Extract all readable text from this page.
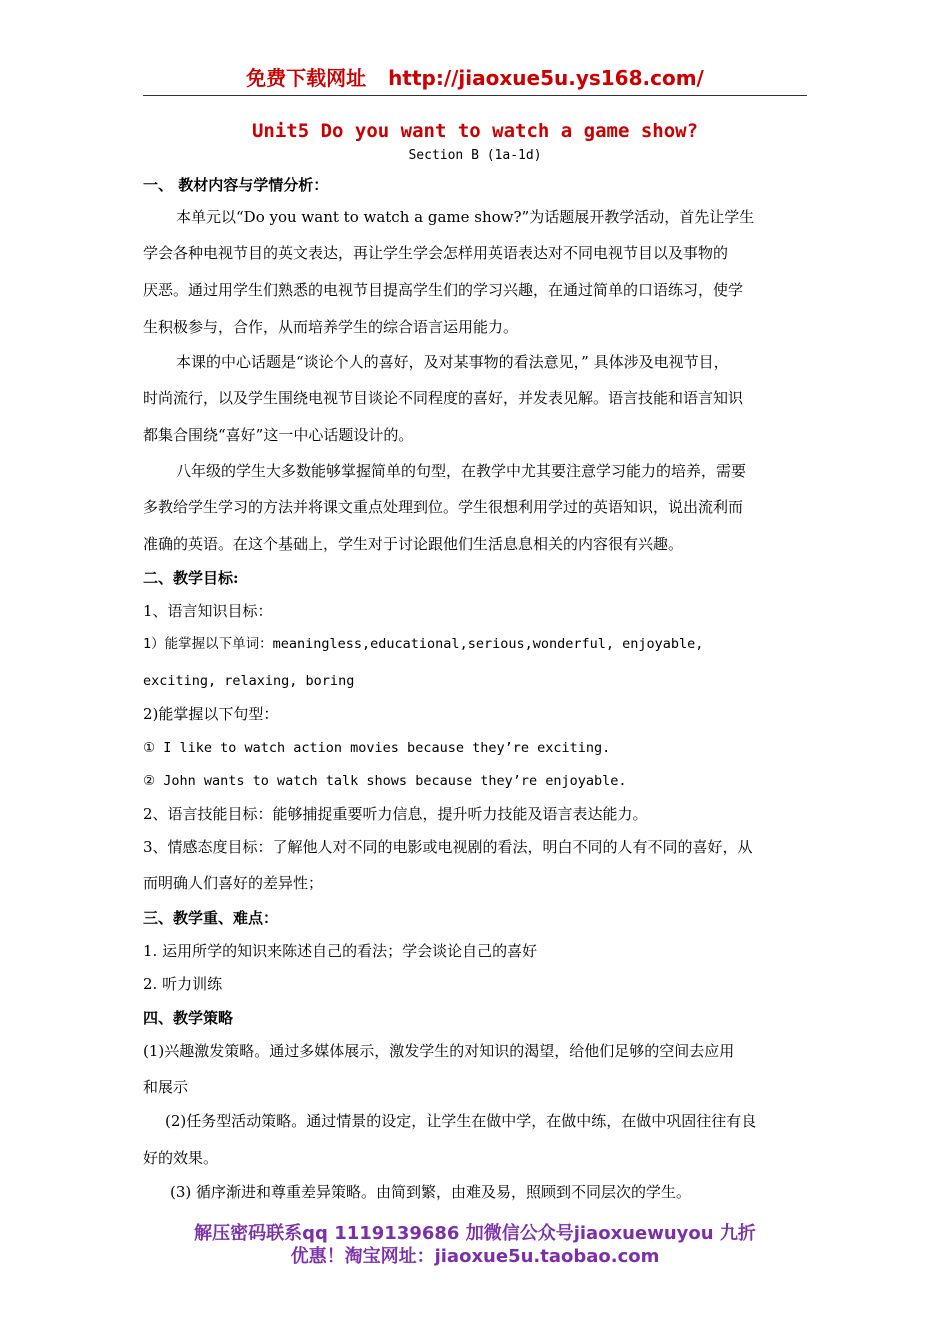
免费下载网址 http://jiaoxue5u.ys168.com/
Unit5 Do you want to watch a game show?
Section B (1a-1d)
一、 教材内容与学情分析：
本单元以“Do you want to watch a game show?”为话题展开教学活动，首先让学生
学会各种电视节目的英文表达，再让学生学会怎样用英语表达对不同电视节目以及事物的
厌恶。通过用学生们熟悉的电视节目提高学生们的学习兴趣，在通过简单的口语练习，使学
生积极参与，合作，从而培养学生的综合语言运用能力。
本课的中心话题是“谈论个人的喜好，及对某事物的看法意见，” 具体涉及电视节目，
时尚流行，以及学生围绕电视节目谈论不同程度的喜好，并发表见解。语言技能和语言知识
都集合围绕“喜好”这一中心话题设计的。
八年级的学生大多数能够掌握简单的句型，在教学中尤其要注意学习能力的培养，需要
多教给学生学习的方法并将课文重点处理到位。学生很想利用学过的英语知识，说出流利而
准确的英语。在这个基础上，学生对于讨论跟他们生活息息相关的内容很有兴趣。
二、教学目标:
1、语言知识目标：
1）能掌握以下单词：meaningless,educational,serious,wonderful, enjoyable,
exciting, relaxing, boring
2)能掌握以下句型：
① I like to watch action movies because they’re exciting.
② John wants to watch talk shows because they’re enjoyable.
2、语言技能目标：能够捕捉重要听力信息，提升听力技能及语言表达能力。
3、情感态度目标：了解他人对不同的电影或电视剧的看法，明白不同的人有不同的喜好，从
而明确人们喜好的差异性；
三、教学重、难点：
1. 运用所学的知识来陈述自己的看法；学会谈论自己的喜好
2. 听力训练
四、教学策略
(1)兴趣激发策略。通过多媒体展示，激发学生的对知识的渴望，给他们足够的空间去应用
和展示
(2)任务型活动策略。通过情景的设定，让学生在做中学，在做中练，在做中巩固往往有良
好的效果。
(3) 循序渐进和尊重差异策略。由简到繁，由难及易，照顾到不同层次的学生。
解压密码联系qq 1119139686 加微信公众号jiaoxuewuyou 九折
优惠！淘宝网址：jiaoxue5u.taobao.com
